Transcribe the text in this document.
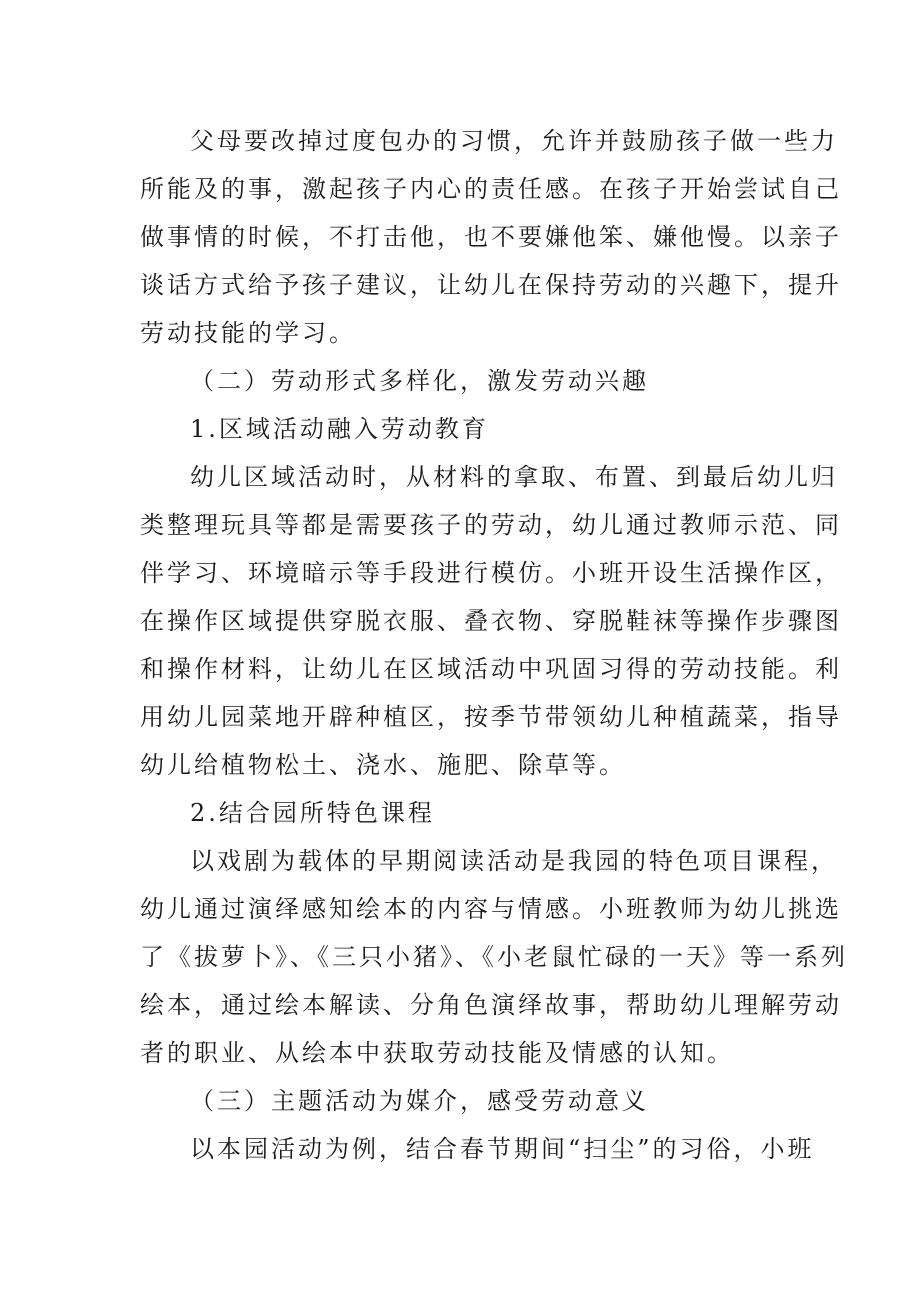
父母要改掉过度包办的习惯，允许并鼓励孩子做一些力
所能及的事，激起孩子内心的责任感。在孩子开始尝试自己
做事情的时候，不打击他，也不要嫌他笨、嫌他慢。以亲子
谈话方式给予孩子建议，让幼儿在保持劳动的兴趣下，提升
劳动技能的学习。
（二）劳动形式多样化，激发劳动兴趣
1.区域活动融入劳动教育
幼儿区域活动时，从材料的拿取、布置、到最后幼儿归
类整理玩具等都是需要孩子的劳动，幼儿通过教师示范、同
伴学习、环境暗示等手段进行模仿。小班开设生活操作区，
在操作区域提供穿脱衣服、叠衣物、穿脱鞋袜等操作步骤图
和操作材料，让幼儿在区域活动中巩固习得的劳动技能。利
用幼儿园菜地开辟种植区，按季节带领幼儿种植蔬菜，指导
幼儿给植物松土、浇水、施肥、除草等。
2.结合园所特色课程
以戏剧为载体的早期阅读活动是我园的特色项目课程，
幼儿通过演绎感知绘本的内容与情感。小班教师为幼儿挑选
了《拔萝卜》、《三只小猪》、《小老鼠忙碌的一天》等一系列
绘本，通过绘本解读、分角色演绎故事，帮助幼儿理解劳动
者的职业、从绘本中获取劳动技能及情感的认知。
（三）主题活动为媒介，感受劳动意义
以本园活动为例，结合春节期间“扫尘”的习俗，小班
